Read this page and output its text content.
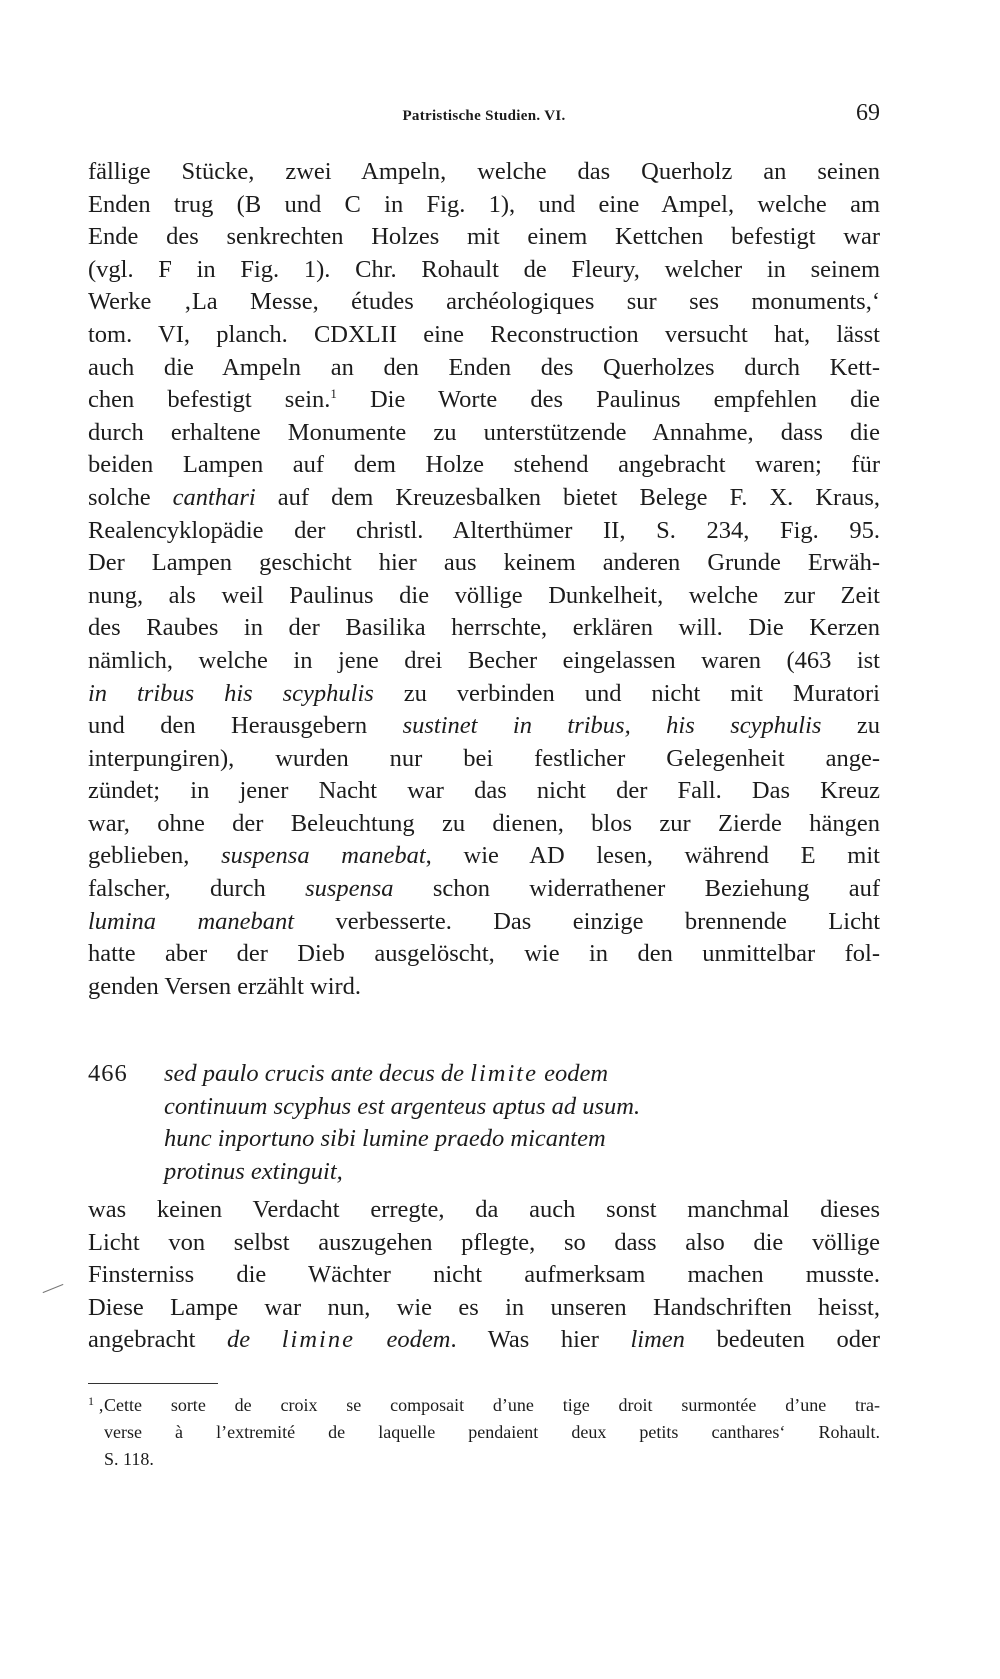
Patristische Studien. VI.	69
fällige Stücke, zwei Ampeln, welche das Querholz an seinen
Enden trug (B und C in Fig. 1), und eine Ampel, welche am
Ende des senkrechten Holzes mit einem Kettchen befestigt war
(vgl. F in Fig. 1). Chr. Rohault de Fleury, welcher in seinem
Werke ‚La Messe, études archéologiques sur ses monuments,‘
tom. VI, planch. CDXLII eine Reconstruction versucht hat, lässt
auch die Ampeln an den Enden des Querholzes durch Kett-
chen befestigt sein.$^1$ Die Worte des Paulinus empfehlen die
durch erhaltene Monumente zu unterstützende Annahme, dass die
beiden Lampen auf dem Holze stehend angebracht waren; für
solche canthari auf dem Kreuzesbalken bietet Belege F. X. Kraus,
Realencyklopädie der christl. Alterthümer II, S. 234, Fig. 95.
Der Lampen geschicht hier aus keinem anderen Grunde Erwäh-
nung, als weil Paulinus die völlige Dunkelheit, welche zur Zeit
des Raubes in der Basilika herrschte, erklären will. Die Kerzen
nämlich, welche in jene drei Becher eingelassen waren (463 ist
in tribus his scyphulis zu verbinden und nicht mit Muratori
und den Herausgebern sustinet in tribus, his scyphulis zu
interpungiren), wurden nur bei festlicher Gelegenheit ange-
zündet; in jener Nacht war das nicht der Fall. Das Kreuz
war, ohne der Beleuchtung zu dienen, blos zur Zierde hängen
geblieben, suspensa manebat, wie AD lesen, während E mit
falscher, durch suspensa schon widerrathener Beziehung auf
lumina manebant verbesserte. Das einzige brennende Licht
hatte aber der Dieb ausgelöscht, wie in den unmittelbar fol-
genden Versen erzählt wird.
466 sed paulo crucis ante decus de limite eodem
continuum scyphus est argenteus aptus ad usum.
hunc inportuno sibi lumine praedo micantem
protinus extinguit,
was keinen Verdacht erregte, da auch sonst manchmal dieses
Licht von selbst auszugehen pflegte, so dass also die völlige
Finsterniss die Wächter nicht aufmerksam machen musste.
Diese Lampe war nun, wie es in unseren Handschriften heisst,
angebracht de limine eodem. Was hier limen bedeuten oder
$^1$ ‚Cette sorte de croix se composait d’une tige droit surmontée d’une tra-
verse à l’extremité de laquelle pendaient deux petits canthares‘ Rohault.
S. 118.
